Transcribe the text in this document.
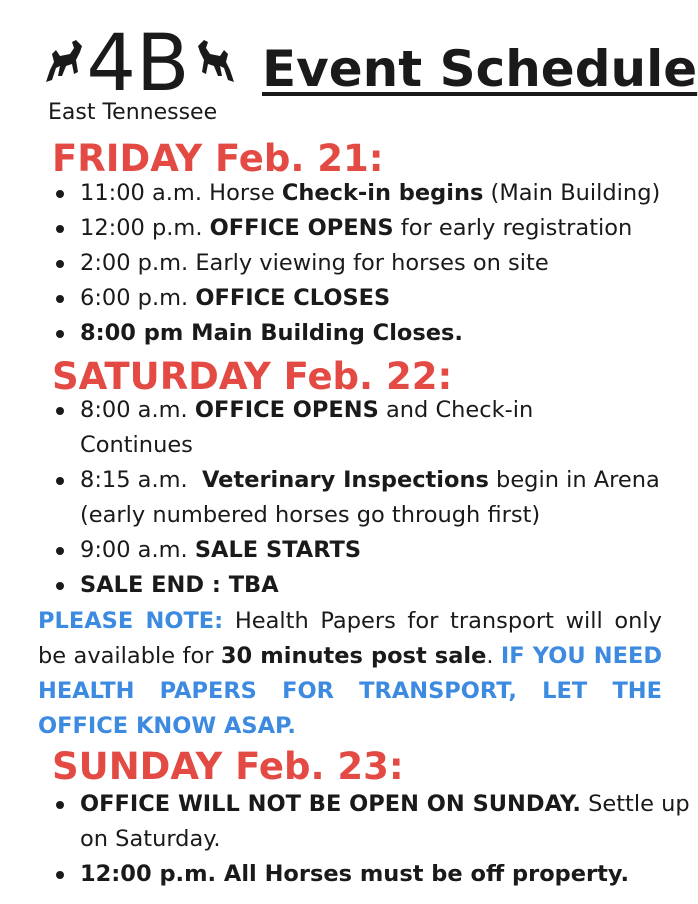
4B
East Tennessee
Event Schedule
FRIDAY Feb. 21:
11:00 a.m. Horse Check-in begins (Main Building)
12:00 p.m. OFFICE OPENS for early registration
2:00 p.m. Early viewing for horses on site
6:00 p.m. OFFICE CLOSES
8:00 pm Main Building Closes.
SATURDAY Feb. 22:
8:00 a.m. OFFICE OPENS and Check-in
Continues
8:15 a.m.  Veterinary Inspections begin in Arena
(early numbered horses go through first)
9:00 a.m. SALE STARTS
SALE END : TBA
PLEASE NOTE: Health Papers for transport will only be available for 30 minutes post sale. IF YOU NEED HEALTH PAPERS FOR TRANSPORT, LET THE OFFICE KNOW ASAP.
SUNDAY Feb. 23:
OFFICE WILL NOT BE OPEN ON SUNDAY. Settle up
on Saturday.
12:00 p.m. All Horses must be off property.
